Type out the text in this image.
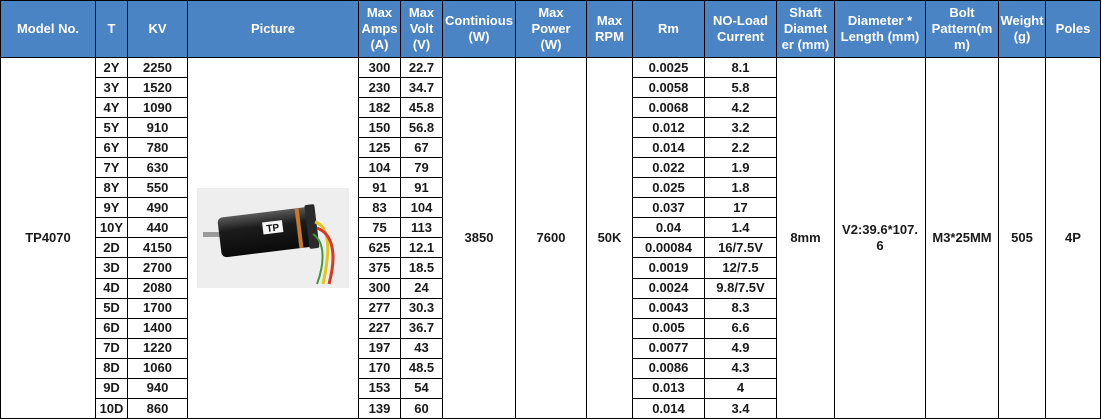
Model No.	T	KV	Picture	Max
Amps
(A)	Max
Volt
(V)	Continious
(W)	Max
Power
(W)	Max
RPM	Rm	NO-Load
Current	Shaft
Diamet
er (mm)	Diameter *
Length (mm)	Bolt
Pattern(m
m)	Weight
(g)	Poles
TP4070	2Y	2250	TP	300	22.7	3850	7600	50K	0.0025	8.1	8mm	V2:39.6*107.
6	M3*25MM	505	4P
	3Y	1520		230	34.7				0.0058	5.8					
	4Y	1090		182	45.8				0.0068	4.2					
	5Y	910		150	56.8				0.012	3.2					
	6Y	780		125	67				0.014	2.2					
	7Y	630		104	79				0.022	1.9					
	8Y	550		91	91				0.025	1.8					
	9Y	490		83	104				0.037	17					
	10Y	440		75	113				0.04	1.4					
	2D	4150		625	12.1				0.00084	16/7.5V					
	3D	2700		375	18.5				0.0019	12/7.5					
	4D	2080		300	24				0.0024	9.8/7.5V					
	5D	1700		277	30.3				0.0043	8.3					
	6D	1400		227	36.7				0.005	6.6					
	7D	1220		197	43				0.0077	4.9					
	8D	1060		170	48.5				0.0086	4.3					
	9D	940		153	54				0.013	4					
	10D	860		139	60				0.014	3.4					
